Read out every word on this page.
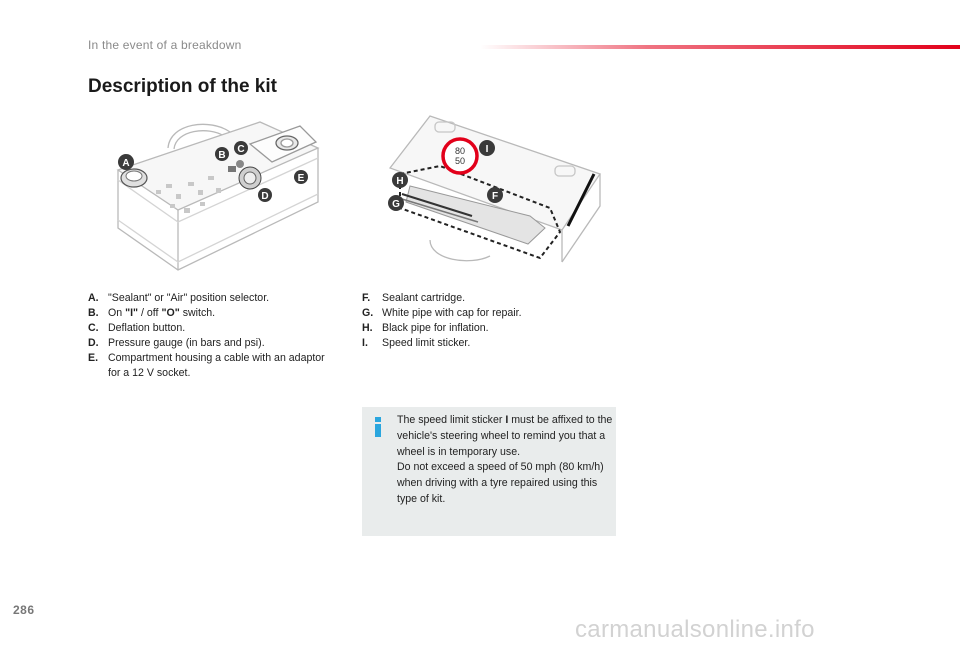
In the event of a breakdown
Description of the kit
A
B
C
D
E
80
50
I
H
F
G
A. "Sealant" or "Air" position selector.
B. On "I" / off "O" switch.
C. Deflation button.
D. Pressure gauge (in bars and psi).
E. Compartment housing a cable with an adaptor for a 12 V socket.
F.	Sealant cartridge.
G. White pipe with cap for repair.
H. Black pipe for inflation.
I.	Speed limit sticker.
The speed limit sticker I must be affixed to the vehicle's steering wheel to remind you that a wheel is in temporary use.
Do not exceed a speed of 50 mph (80 km/h) when driving with a tyre repaired using this type of kit.
286
carmanualsonline.info
